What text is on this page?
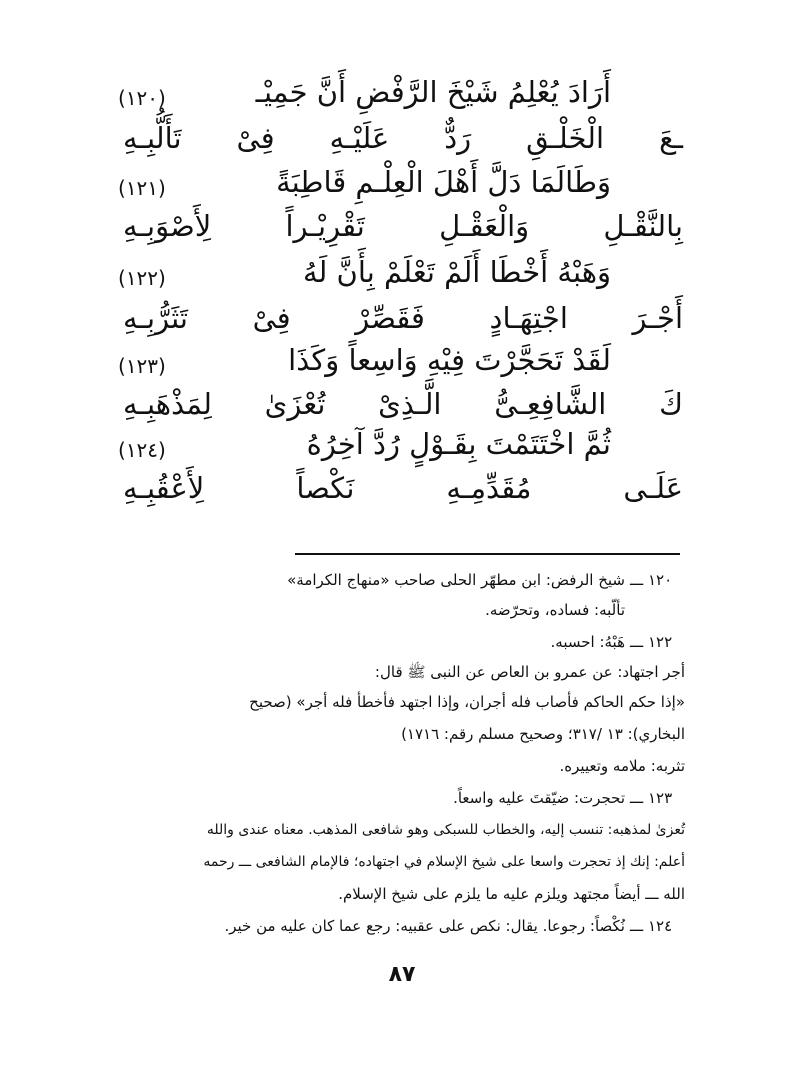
(١٢٠)	أَرَادَ يُعْلِمُ شَيْخَ الرَّفْضِ أَنَّ جَمِيْـ
ـعَ الْخَلْـقِ رَدٌّ عَلَيْـهِ فِىْ تَأَلُّبِـهِ
(١٢١)	وَطَالَمَا دَلَّ أَهْلَ الْعِلْـمِ قَاطِبَةً
بِالنَّقْـلِ وَالْعَقْـلِ تَقْرِيْـراً لِأَصْوَبِـهِ
(١٢٢)	وَهَبْهُ أَخْطَا أَلَمْ تَعْلَمْ بِأَنَّ لَهُ
أَجْـرَ اجْتِهَـادٍ فَقَصِّرْ فِىْ تَثَرُّبِـهِ
(١٢٣)	لَقَدْ تَحَجَّرْتَ فِيْهِ وَاسِعاً وَكَذَا
كَ الشَّافِعِـىُّ الَّـذِىْ تُعْزَىٰ لِمَذْهَبِـهِ
(١٢٤)	ثُمَّ اخْتَتَمْتَ بِقَـوْلٍ رُدَّ آخِرُهُ
عَلَـى مُقَدِّمِـهِ نَكْصاً لِأَعْقُبِـهِ
١٢٠ ـــ
شيخ الرفض: ابن مطهّر الحلى صاحب «منهاج الكرامة»
تألّبه: فساده، وتحرّضه.
١٢٢ ـــ
هَبْهُ: احسبه.
أجر اجتهاد: عن عمرو بن العاص عن النبى ﷺ قال:
«إذا حكم الحاكم فأصاب فله أجران، وإذا اجتهد فأخطأ فله أجر» (صحيح
البخاري): ١٣ /٣١٧؛ وصحيح مسلم رقم: ١٧١٦)
تثربه: ملامه وتعييره.
١٢٣ ـــ
تحجرت: ضيّقتَ عليه واسعاً.
تُعزىٰ لمذهبه: تنسب إليه، والخطاب للسبكى وهو شافعى المذهب. معناه عندى والله
أعلم: إنك إذ تحجرت واسعا على شيخ الإسلام في اجتهاده؛ فالإمام الشافعى ـــ رحمه
الله ـــ أيضاً مجتهد ويلزم عليه ما يلزم على شيخ الإسلام.
١٢٤ ـــ
نُكْصاً: رجوعا. يقال: نكص على عقبيه: رجع عما كان عليه من خير.
٨٧
